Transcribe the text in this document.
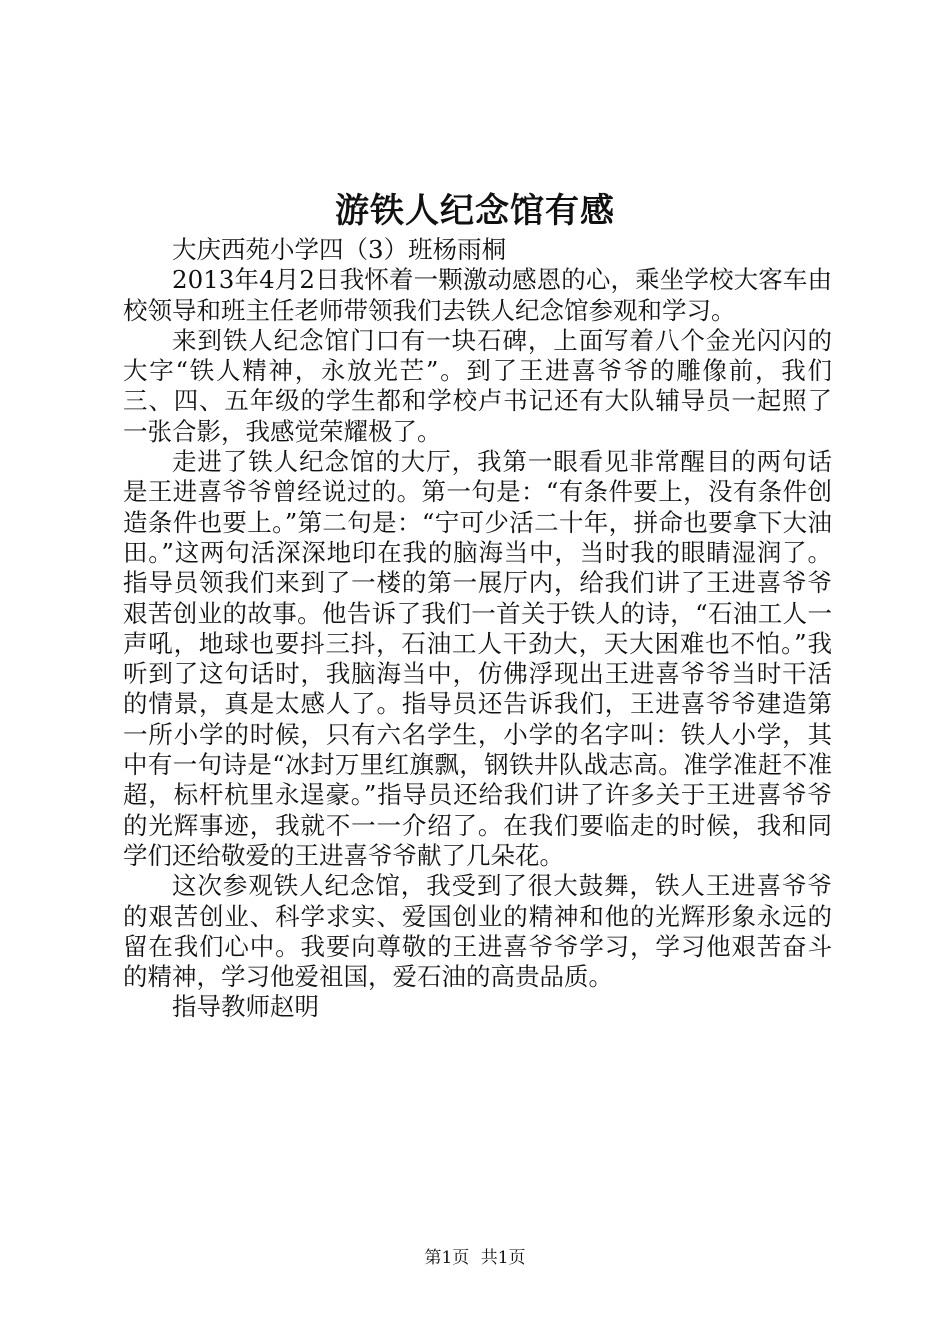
游铁人纪念馆有感

大庆西苑小学四（3）班杨雨桐

2013年4月2日我怀着一颗激动感恩的心，乘坐学校大客车由校领导和班主任老师带领我们去铁人纪念馆参观和学习。

来到铁人纪念馆门口有一块石碑，上面写着八个金光闪闪的大字“铁人精神，永放光芒”。到了王进喜爷爷的雕像前，我们三、四、五年级的学生都和学校卢书记还有大队辅导员一起照了一张合影，我感觉荣耀极了。

走进了铁人纪念馆的大厅，我第一眼看见非常醒目的两句话是王进喜爷爷曾经说过的。第一句是：“有条件要上，没有条件创造条件也要上。”第二句是：“宁可少活二十年，拼命也要拿下大油田。”这两句活深深地印在我的脑海当中，当时我的眼睛湿润了。指导员领我们来到了一楼的第一展厅内，给我们讲了王进喜爷爷艰苦创业的故事。他告诉了我们一首关于铁人的诗，“石油工人一声吼，地球也要抖三抖，石油工人干劲大，天大困难也不怕。”我听到了这句话时，我脑海当中，仿佛浮现出王进喜爷爷当时干活的情景，真是太感人了。指导员还告诉我们，王进喜爷爷建造第一所小学的时候，只有六名学生，小学的名字叫：铁人小学，其中有一句诗是“冰封万里红旗飘，钢铁井队战志高。准学准赶不准超，标杆杭里永逞豪。”指导员还给我们讲了许多关于王进喜爷爷的光辉事迹，我就不一一介绍了。在我们要临走的时候，我和同学们还给敬爱的王进喜爷爷献了几朵花。

这次参观铁人纪念馆，我受到了很大鼓舞，铁人王进喜爷爷的艰苦创业、科学求实、爱国创业的精神和他的光辉形象永远的留在我们心中。我要向尊敬的王进喜爷爷学习，学习他艰苦奋斗的精神，学习他爱祖国，爱石油的高贵品质。

指导教师赵明

第1页 共1页
